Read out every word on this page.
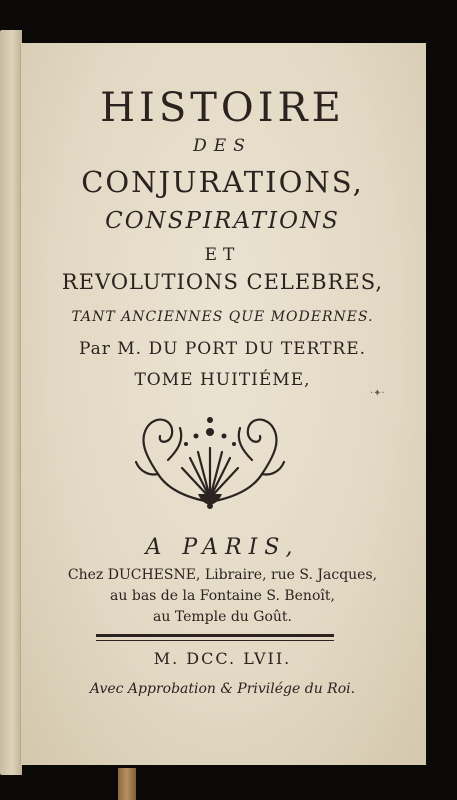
HISTOIRE
DES
CONJURATIONS,
CONSPIRATIONS
ET
REVOLUTIONS CELEBRES,
TANT ANCIENNES QUE MODERNES.
Par M. DU PORT DU TERTRE.
TOME HUITIÉME,
·✦·
A PARIS,
Chez DUCHESNE, Libraire, rue S. Jacques,
au bas de la Fontaine S. Benoît,
au Temple du Goût.
M. DCC. LVII.
Avec Approbation & Privilége du Roi.
